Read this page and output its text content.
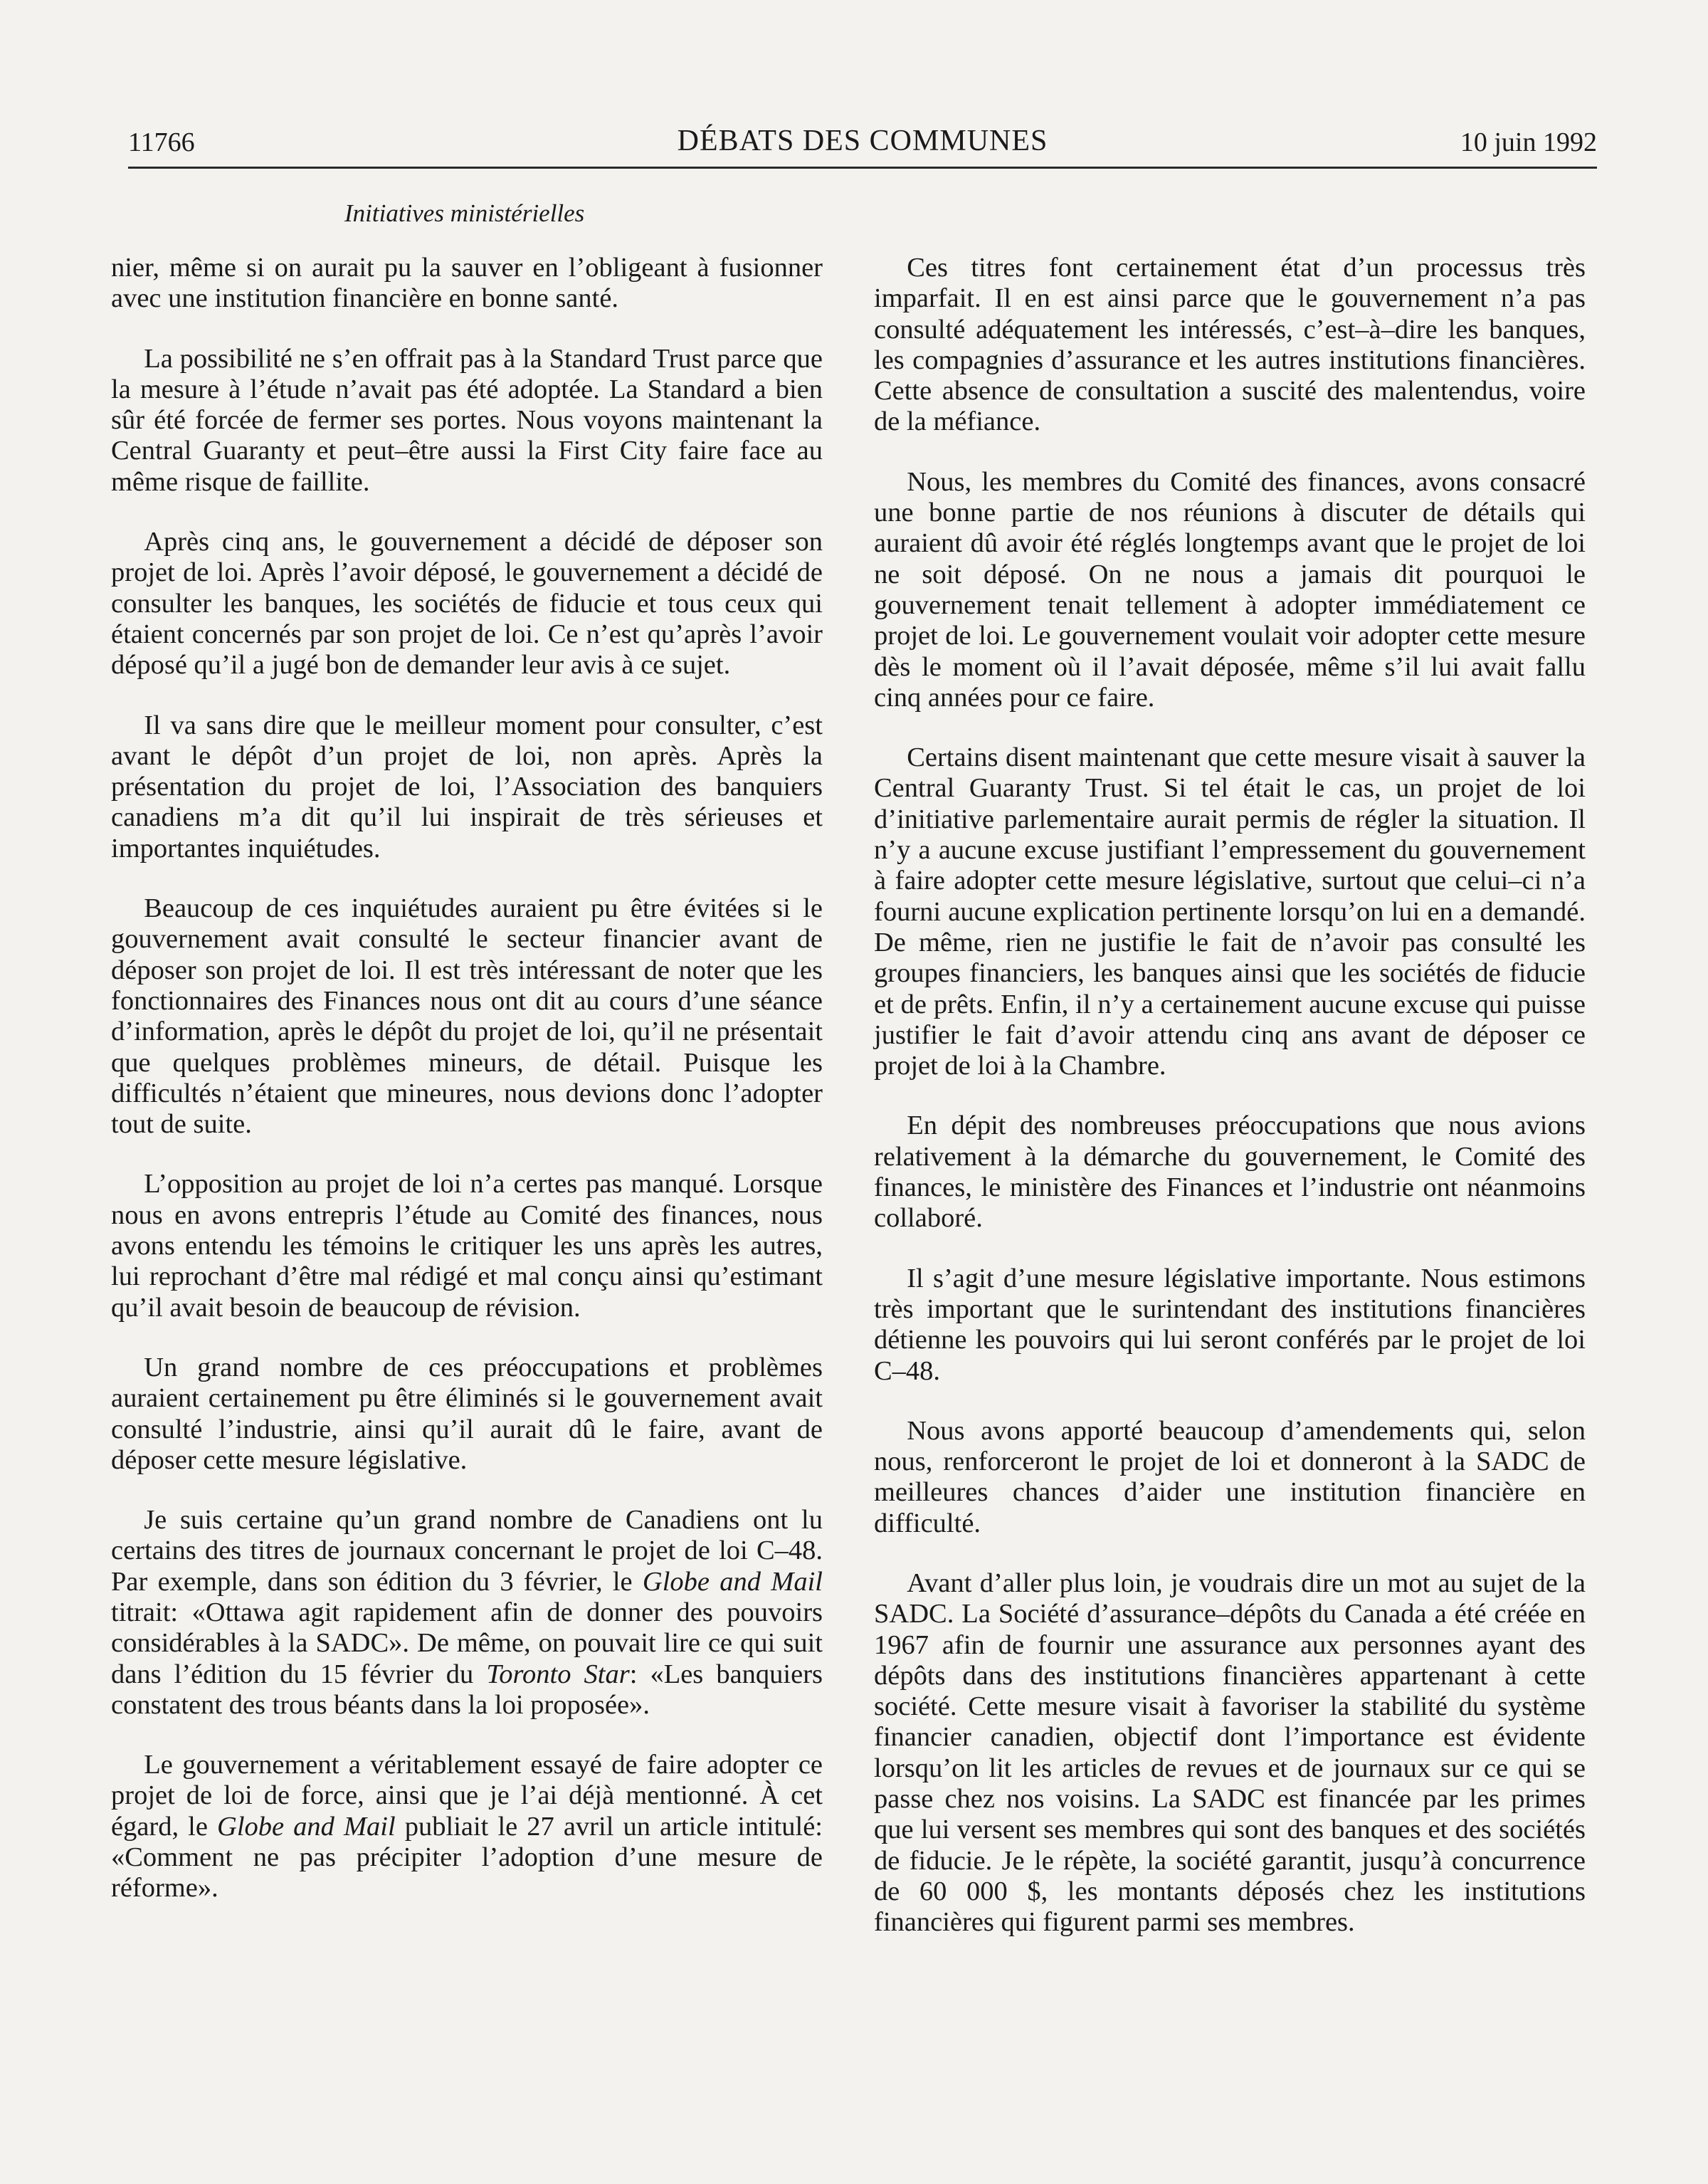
11766	DÉBATS DES COMMUNES	10 juin 1992
Initiatives ministérielles

nier, même si on aurait pu la sauver en l’obligeant à fusionner avec une institution financière en bonne santé.

La possibilité ne s’en offrait pas à la Standard Trust parce que la mesure à l’étude n’avait pas été adoptée. La Standard a bien sûr été forcée de fermer ses portes. Nous voyons maintenant la Central Guaranty et peut–être aussi la First City faire face au même risque de faillite.

Après cinq ans, le gouvernement a décidé de déposer son projet de loi. Après l’avoir déposé, le gouvernement a décidé de consulter les banques, les sociétés de fiducie et tous ceux qui étaient concernés par son projet de loi. Ce n’est qu’après l’avoir déposé qu’il a jugé bon de demander leur avis à ce sujet.

Il va sans dire que le meilleur moment pour consulter, c’est avant le dépôt d’un projet de loi, non après. Après la présentation du projet de loi, l’Association des banquiers canadiens m’a dit qu’il lui inspirait de très sérieuses et importantes inquiétudes.

Beaucoup de ces inquiétudes auraient pu être évitées si le gouvernement avait consulté le secteur financier avant de déposer son projet de loi. Il est très intéressant de noter que les fonctionnaires des Finances nous ont dit au cours d’une séance d’information, après le dépôt du projet de loi, qu’il ne présentait que quelques problèmes mineurs, de détail. Puisque les difficultés n’étaient que mineures, nous devions donc l’adopter tout de suite.

L’opposition au projet de loi n’a certes pas manqué. Lorsque nous en avons entrepris l’étude au Comité des finances, nous avons entendu les témoins le critiquer les uns après les autres, lui reprochant d’être mal rédigé et mal conçu ainsi qu’estimant qu’il avait besoin de beaucoup de révision.

Un grand nombre de ces préoccupations et problèmes auraient certainement pu être éliminés si le gouvernement avait consulté l’industrie, ainsi qu’il aurait dû le faire, avant de déposer cette mesure législative.

Je suis certaine qu’un grand nombre de Canadiens ont lu certains des titres de journaux concernant le projet de loi C–48. Par exemple, dans son édition du 3 février, le Globe and Mail titrait: «Ottawa agit rapidement afin de donner des pouvoirs considérables à la SADC». De même, on pouvait lire ce qui suit dans l’édition du 15 février du Toronto Star: «Les banquiers constatent des trous béants dans la loi proposée».

Le gouvernement a véritablement essayé de faire adopter ce projet de loi de force, ainsi que je l’ai déjà mentionné. À cet égard, le Globe and Mail publiait le 27 avril un article intitulé: «Comment ne pas précipiter l’adoption d’une mesure de réforme».

Ces titres font certainement état d’un processus très imparfait. Il en est ainsi parce que le gouvernement n’a pas consulté adéquatement les intéressés, c’est–à–dire les banques, les compagnies d’assurance et les autres institutions financières. Cette absence de consultation a suscité des malentendus, voire de la méfiance.

Nous, les membres du Comité des finances, avons consacré une bonne partie de nos réunions à discuter de détails qui auraient dû avoir été réglés longtemps avant que le projet de loi ne soit déposé. On ne nous a jamais dit pourquoi le gouvernement tenait tellement à adopter immédiatement ce projet de loi. Le gouvernement voulait voir adopter cette mesure dès le moment où il l’avait déposée, même s’il lui avait fallu cinq années pour ce faire.

Certains disent maintenant que cette mesure visait à sauver la Central Guaranty Trust. Si tel était le cas, un projet de loi d’initiative parlementaire aurait permis de régler la situation. Il n’y a aucune excuse justifiant l’empressement du gouvernement à faire adopter cette mesure législative, surtout que celui–ci n’a fourni aucune explication pertinente lorsqu’on lui en a demandé. De même, rien ne justifie le fait de n’avoir pas consulté les groupes financiers, les banques ainsi que les sociétés de fiducie et de prêts. Enfin, il n’y a certainement aucune excuse qui puisse justifier le fait d’avoir attendu cinq ans avant de déposer ce projet de loi à la Chambre.

En dépit des nombreuses préoccupations que nous avions relativement à la démarche du gouvernement, le Comité des finances, le ministère des Finances et l’industrie ont néanmoins collaboré.

Il s’agit d’une mesure législative importante. Nous estimons très important que le surintendant des institutions financières détienne les pouvoirs qui lui seront conférés par le projet de loi C–48.

Nous avons apporté beaucoup d’amendements qui, selon nous, renforceront le projet de loi et donneront à la SADC de meilleures chances d’aider une institution financière en difficulté.

Avant d’aller plus loin, je voudrais dire un mot au sujet de la SADC. La Société d’assurance–dépôts du Canada a été créée en 1967 afin de fournir une assurance aux personnes ayant des dépôts dans des institutions financières appartenant à cette société. Cette mesure visait à favoriser la stabilité du système financier canadien, objectif dont l’importance est évidente lorsqu’on lit les articles de revues et de journaux sur ce qui se passe chez nos voisins. La SADC est financée par les primes que lui versent ses membres qui sont des banques et des sociétés de fiducie. Je le répète, la société garantit, jusqu’à concurrence de 60 000 $, les montants déposés chez les institutions financières qui figurent parmi ses membres.
